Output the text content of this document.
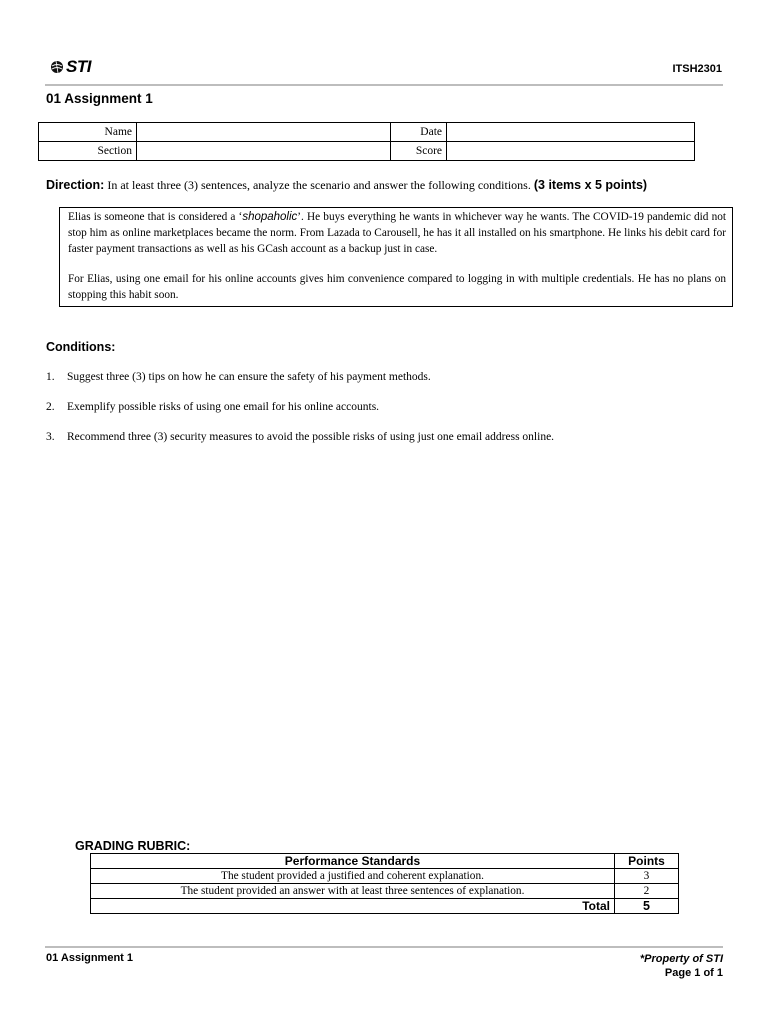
STI	ITSH2301
01 Assignment 1
Name		Date	
Section		Score	
Direction: In at least three (3) sentences, analyze the scenario and answer the following conditions. (3 items x 5 points)

Elias is someone that is considered a ‘shopaholic’. He buys everything he wants in whichever way he wants. The COVID-19 pandemic did not stop him as online marketplaces became the norm. From Lazada to Carousell, he has it all installed on his smartphone. He links his debit card for faster payment transactions as well as his GCash account as a backup just in case.

For Elias, using one email for his online accounts gives him convenience compared to logging in with multiple credentials. He has no plans on stopping this habit soon.

Conditions:
1.	Suggest three (3) tips on how he can ensure the safety of his payment methods.
2.	Exemplify possible risks of using one email for his online accounts.
3.	Recommend three (3) security measures to avoid the possible risks of using just one email address online.
GRADING RUBRIC:
Performance Standards	Points
The student provided a justified and coherent explanation.	3
The student provided an answer with at least three sentences of explanation.	2
Total	5
01 Assignment 1	*Property of STI
Page 1 of 1
